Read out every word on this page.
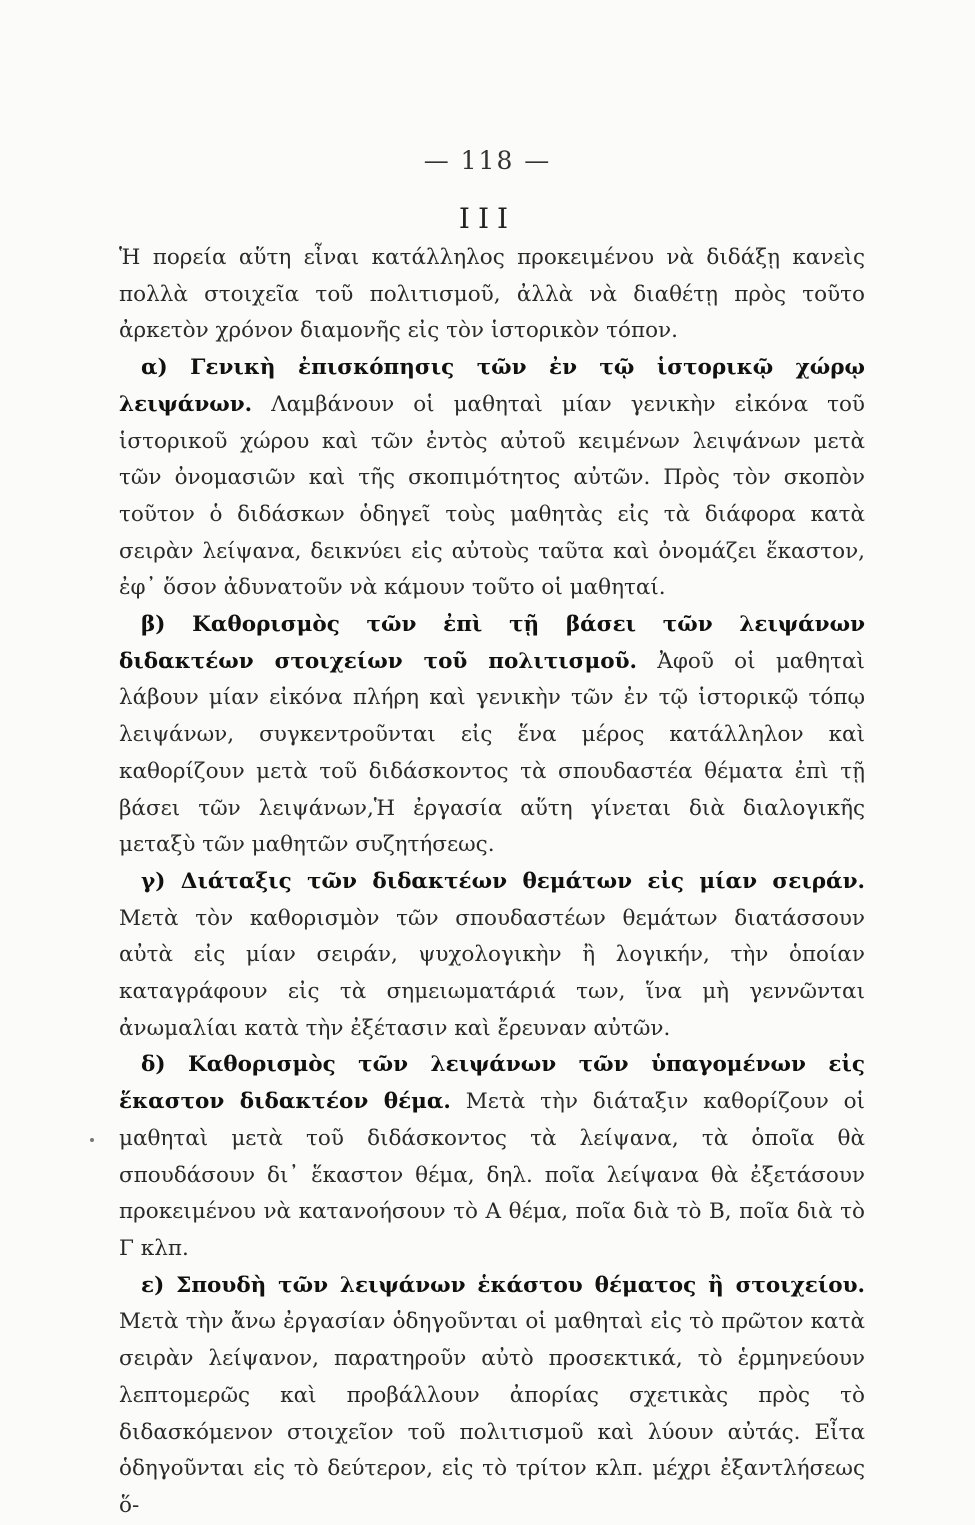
— 118 —
III

Ἡ πορεία αὕτη εἶναι κατάλληλος προκειμένου νὰ διδάξῃ κανεὶς πολλὰ στοιχεῖα τοῦ πολιτισμοῦ, ἀλλὰ νὰ διαθέτῃ πρὸς τοῦτο ἀρκετὸν χρόνον διαμονῆς εἰς τὸν ἱστορικὸν τόπον.

α) Γενικὴ ἐπισκόπησις τῶν ἐν τῷ ἱστορικῷ χώρῳ λειψάνων. Λαμβάνουν οἱ μαθηταὶ μίαν γενικὴν εἰκόνα τοῦ ἱστορικοῦ χώρου καὶ τῶν ἐντὸς αὐτοῦ κειμένων λειψάνων μετὰ τῶν ὀνομασιῶν καὶ τῆς σκοπιμότητος αὐτῶν. Πρὸς τὸν σκοπὸν τοῦτον ὁ διδάσκων ὁδηγεῖ τοὺς μαθητὰς εἰς τὰ διάφορα κατὰ σειρὰν λείψανα, δεικνύει εἰς αὐτοὺς ταῦτα καὶ ὀνομάζει ἕκαστον, ἐφ᾽ ὅσον ἀδυνατοῦν νὰ κάμουν τοῦτο οἱ μαθηταί.

β) Καθορισμὸς τῶν ἐπὶ τῇ βάσει τῶν λειψάνων διδακτέων στοιχείων τοῦ πολιτισμοῦ. Ἀφοῦ οἱ μαθηταὶ λάβουν μίαν εἰκόνα πλήρη καὶ γενικὴν τῶν ἐν τῷ ἱστορικῷ τόπῳ λειψάνων, συγκεντροῦνται εἰς ἕνα μέρος κατάλληλον καὶ καθορίζουν μετὰ τοῦ διδάσκοντος τὰ σπουδαστέα θέματα ἐπὶ τῇ βάσει τῶν λειψάνων,Ἡ ἐργασία αὕτη γίνεται διὰ διαλογικῆς μεταξὺ τῶν μαθητῶν συζητήσεως.

γ) Διάταξις τῶν διδακτέων θεμάτων εἰς μίαν σειράν. Μετὰ τὸν καθορισμὸν τῶν σπουδαστέων θεμάτων διατάσσουν αὐτὰ εἰς μίαν σειράν, ψυχολογικὴν ἢ λογικήν, τὴν ὁποίαν καταγράφουν εἰς τὰ σημειωματάριά των, ἵνα μὴ γεννῶνται ἀνωμαλίαι κατὰ τὴν ἐξέτασιν καὶ ἔρευναν αὐτῶν.

δ) Καθορισμὸς τῶν λειψάνων τῶν ὑπαγομένων εἰς ἕκαστον διδακτέον θέμα. Μετὰ τὴν διάταξιν καθορίζουν οἱ μαθηταὶ μετὰ τοῦ διδάσκοντος τὰ λείψανα, τὰ ὁποῖα θὰ σπουδάσουν δι᾽ ἕκαστον θέμα, δηλ. ποῖα λείψανα θὰ ἐξετάσουν προκειμένου νὰ κατανοήσουν τὸ Α θέμα, ποῖα διὰ τὸ Β, ποῖα διὰ τὸ Γ κλπ.

ε) Σπουδὴ τῶν λειψάνων ἑκάστου θέματος ἢ στοιχείου. Μετὰ τὴν ἄνω ἐργασίαν ὁδηγοῦνται οἱ μαθηταὶ εἰς τὸ πρῶτον κατὰ σειρὰν λείψανον, παρατηροῦν αὐτὸ προσεκτικά, τὸ ἑρμηνεύουν λεπτομερῶς καὶ προβάλλουν ἀπορίας σχετικὰς πρὸς τὸ διδασκόμενον στοιχεῖον τοῦ πολιτισμοῦ καὶ λύουν αὐτάς. Εἶτα ὁδηγοῦνται εἰς τὸ δεύτερον, εἰς τὸ τρίτον κλπ. μέχρι ἐξαντλήσεως ὅ-
